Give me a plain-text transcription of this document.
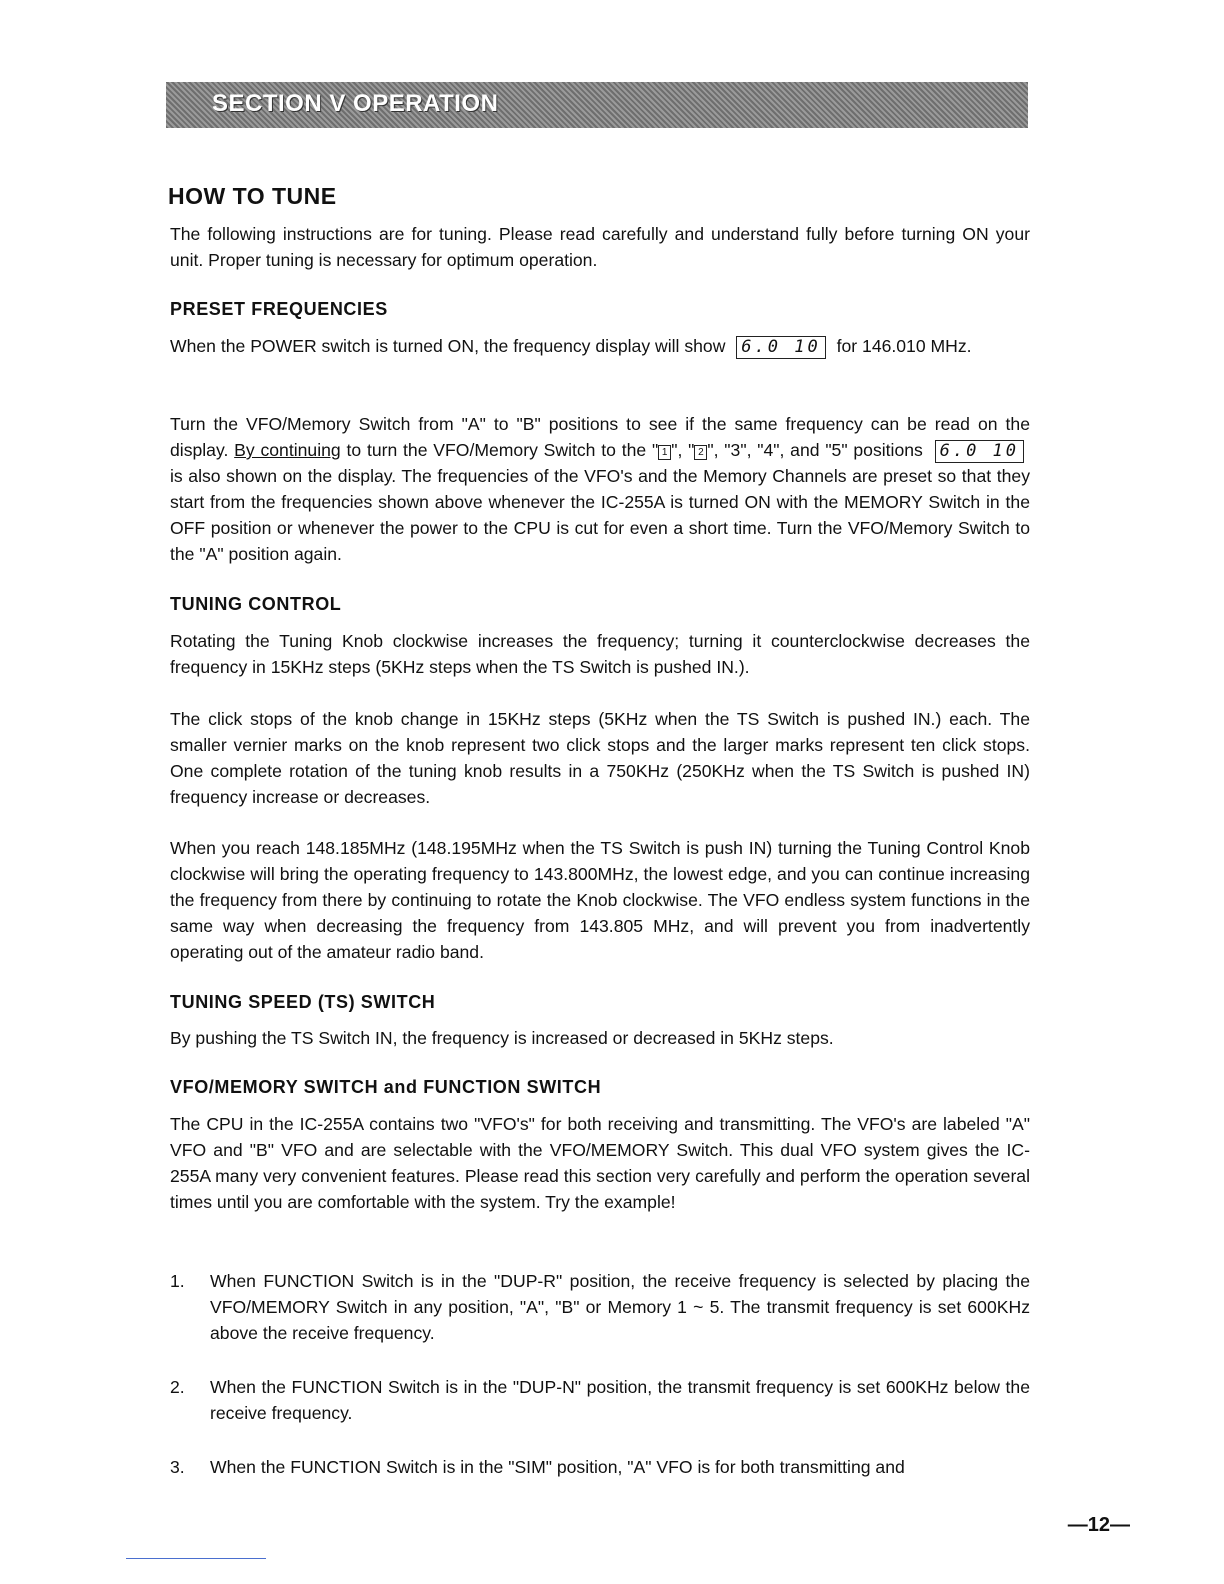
SECTION V OPERATION
HOW TO TUNE

The following instructions are for tuning. Please read carefully and understand fully before turning ON your unit. Proper tuning is necessary for optimum operation.

PRESET FREQUENCIES

When the POWER switch is turned ON, the frequency display will show 6.0 10 for 146.010 MHz.

Turn the VFO/Memory Switch from "A" to "B" positions to see if the same frequency can be read on the display. By continuing to turn the VFO/Memory Switch to the " 1 ", " 2 ", "3", "4", and "5" positions 6.0 10 is also shown on the display. The frequencies of the VFO's and the Memory Channels are preset so that they start from the frequencies shown above whenever the IC-255A is turned ON with the MEMORY Switch in the OFF position or whenever the power to the CPU is cut for even a short time. Turn the VFO/Memory Switch to the "A" position again.

TUNING CONTROL

Rotating the Tuning Knob clockwise increases the frequency; turning it counterclockwise decreases the frequency in 15KHz steps (5KHz steps when the TS Switch is pushed IN.).

The click stops of the knob change in 15KHz steps (5KHz when the TS Switch is pushed IN.) each. The smaller vernier marks on the knob represent two click stops and the larger marks represent ten click stops. One complete rotation of the tuning knob results in a 750KHz (250KHz when the TS Switch is pushed IN) frequency increase or decreases.

When you reach 148.185MHz (148.195MHz when the TS Switch is push IN) turning the Tuning Control Knob clockwise will bring the operating frequency to 143.800MHz, the lowest edge, and you can continue increasing the frequency from there by continuing to rotate the Knob clockwise. The VFO endless system functions in the same way when decreasing the frequency from 143.805 MHz, and will prevent you from inadvertently operating out of the amateur radio band.

TUNING SPEED (TS) SWITCH

By pushing the TS Switch IN, the frequency is increased or decreased in 5KHz steps.

VFO/MEMORY SWITCH and FUNCTION SWITCH

The CPU in the IC-255A contains two "VFO's" for both receiving and transmitting. The VFO's are labeled "A" VFO and "B" VFO and are selectable with the VFO/MEMORY Switch. This dual VFO system gives the IC-255A many very convenient features. Please read this section very carefully and perform the operation several times until you are comfortable with the system. Try the example!

1. When FUNCTION Switch is in the "DUP-R" position, the receive frequency is selected by placing the VFO/MEMORY Switch in any position, "A", "B" or Memory 1 ~ 5. The transmit frequency is set 600KHz above the receive frequency.
2. When the FUNCTION Switch is in the "DUP-N" position, the transmit frequency is set 600KHz below the receive frequency.
3. When the FUNCTION Switch is in the "SIM" position, "A" VFO is for both transmitting and
—12—
